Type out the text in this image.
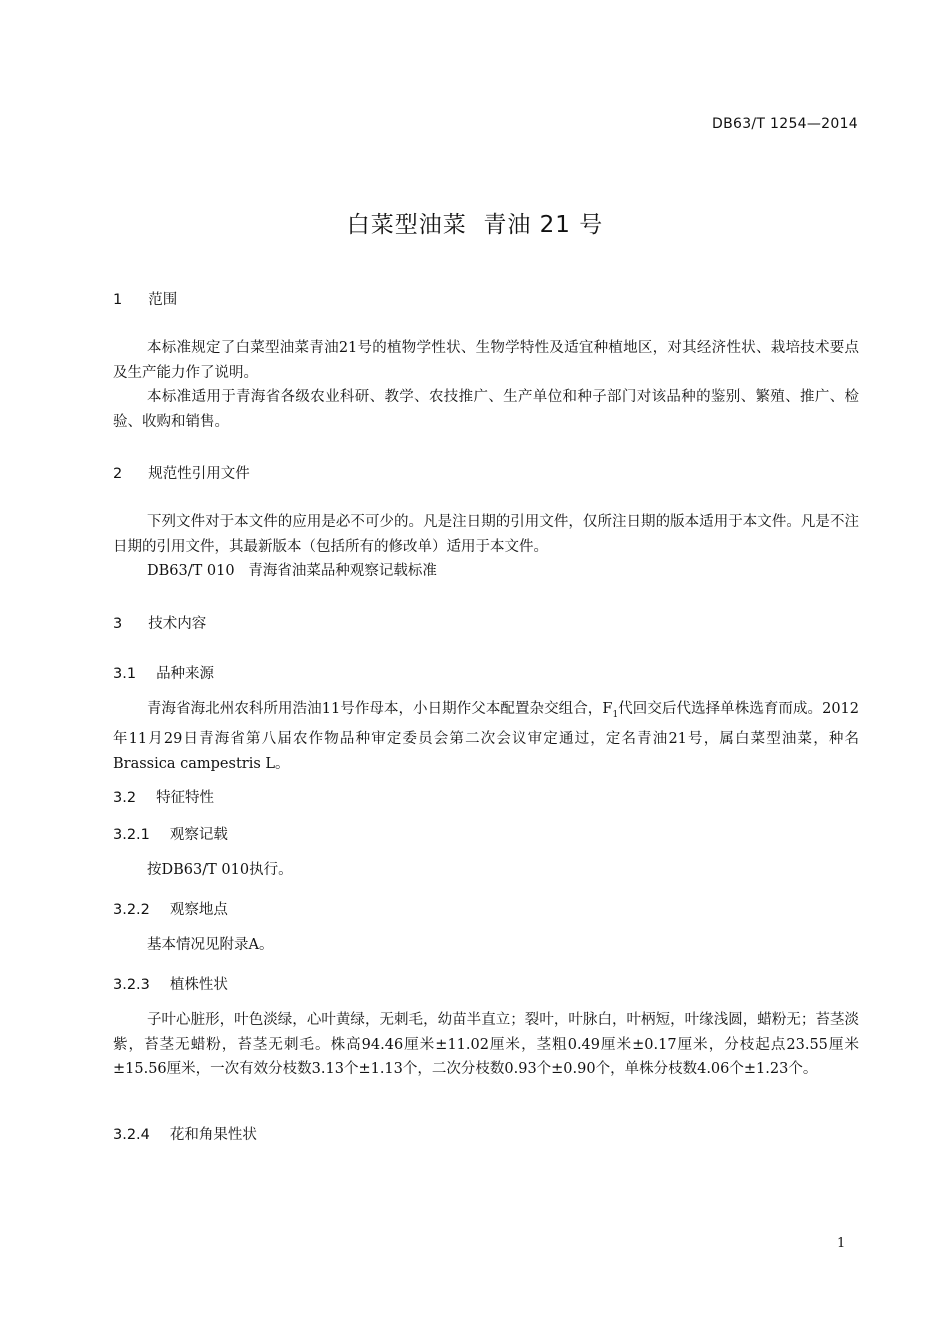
DB63/T 1254—2014
白菜型油菜  青油 21 号
1 范围
本标准规定了白菜型油菜青油21号的植物学性状、生物学特性及适宜种植地区，对其经济性状、栽培技术要点及生产能力作了说明。
本标准适用于青海省各级农业科研、教学、农技推广、生产单位和种子部门对该品种的鉴别、繁殖、推广、检验、收购和销售。
2 规范性引用文件
下列文件对于本文件的应用是必不可少的。凡是注日期的引用文件，仅所注日期的版本适用于本文件。凡是不注日期的引用文件，其最新版本（包括所有的修改单）适用于本文件。
DB63/T 010   青海省油菜品种观察记载标准
3 技术内容
3.1 品种来源
青海省海北州农科所用浩油11号作母本，小日期作父本配置杂交组合，$F_1$代回交后代选择单株选育而成。2012年11月29日青海省第八届农作物品种审定委员会第二次会议审定通过，定名青油21号，属白菜型油菜，种名Brassica campestris L。
3.2 特征特性
3.2.1 观察记载
按DB63/T 010执行。
3.2.2 观察地点
基本情况见附录A。
3.2.3 植株性状
子叶心脏形，叶色淡绿，心叶黄绿，无刺毛，幼苗半直立；裂叶，叶脉白，叶柄短，叶缘浅圆，蜡粉无；苔茎淡紫，苔茎无蜡粉，苔茎无刺毛。株高94.46厘米±11.02厘米，茎粗0.49厘米±0.17厘米，分枝起点23.55厘米±15.56厘米，一次有效分枝数3.13个±1.13个，二次分枝数0.93个±0.90个，单株分枝数4.06个±1.23个。
3.2.4 花和角果性状
1
